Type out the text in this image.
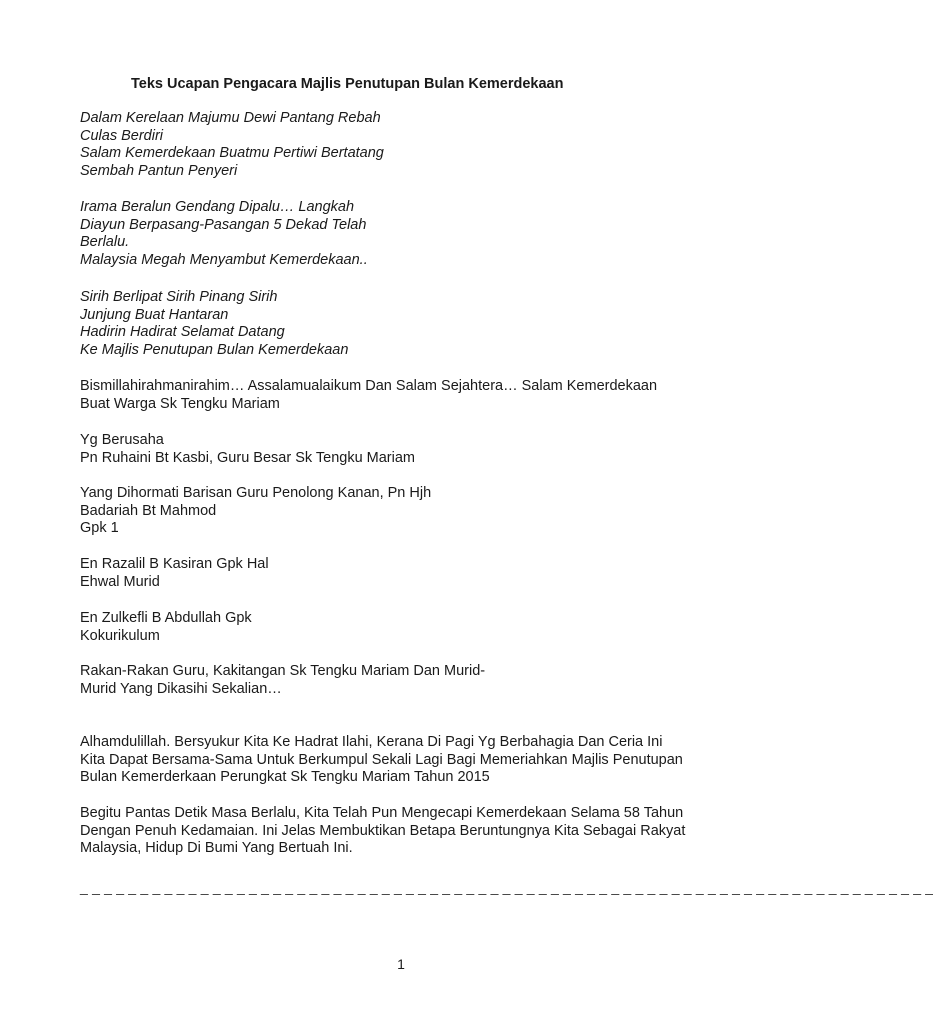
Teks Ucapan Pengacara Majlis Penutupan Bulan Kemerdekaan
Dalam Kerelaan Majumu Dewi Pantang Rebah
Culas Berdiri
Salam Kemerdekaan Buatmu Pertiwi Bertatang
Sembah Pantun Penyeri
Irama Beralun Gendang Dipalu… Langkah
Diayun Berpasang-Pasangan 5 Dekad Telah
Berlalu.
Malaysia Megah Menyambut Kemerdekaan..
Sirih Berlipat Sirih Pinang Sirih
Junjung Buat Hantaran
Hadirin Hadirat Selamat Datang
Ke Majlis Penutupan Bulan Kemerdekaan
Bismillahirahmanirahim… Assalamualaikum Dan Salam Sejahtera… Salam Kemerdekaan
Buat Warga Sk Tengku Mariam
Yg Berusaha
Pn Ruhaini Bt Kasbi, Guru Besar Sk Tengku Mariam
Yang Dihormati Barisan Guru Penolong Kanan, Pn Hjh
Badariah Bt Mahmod
Gpk 1
En Razalil B Kasiran Gpk Hal
Ehwal Murid
En Zulkefli B Abdullah Gpk
Kokurikulum
Rakan-Rakan Guru, Kakitangan Sk Tengku Mariam Dan Murid-
Murid Yang Dikasihi Sekalian…
Alhamdulillah. Bersyukur Kita Ke Hadrat Ilahi, Kerana Di Pagi Yg Berbahagia Dan Ceria Ini
Kita Dapat Bersama-Sama Untuk Berkumpul Sekali Lagi Bagi Memeriahkan Majlis Penutupan
Bulan Kemerderkaan Perungkat Sk Tengku Mariam Tahun 2015
Begitu Pantas Detik Masa Berlalu, Kita Telah Pun Mengecapi Kemerdekaan Selama 58 Tahun
Dengan Penuh Kedamaian. Ini Jelas Membuktikan Betapa Beruntungnya Kita Sebagai Rakyat
Malaysia, Hidup Di Bumi Yang Bertuah Ini.
_ _ _ _ _ _ _ _ _ _ _ _ _ _ _ _ _ _ _ _ _ _ _ _ _ _ _ _ _ _ _ _ _ _ _ _ _ _ _ _ _ _ _ _ _ _ _ _ _ _ _ _ _ _ _ _ _ _ _ _ _ _ _ _ _ _ _ _ _ _ _
1
